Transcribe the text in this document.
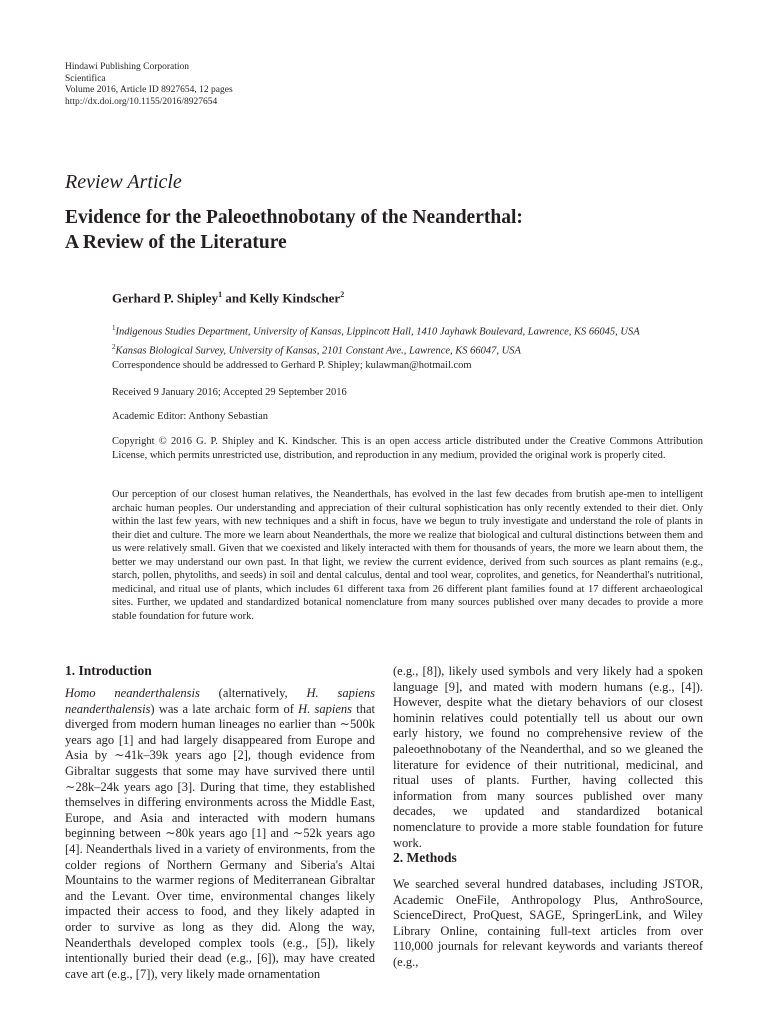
Hindawi Publishing Corporation
Scientifica
Volume 2016, Article ID 8927654, 12 pages
http://dx.doi.org/10.1155/2016/8927654
Review Article
Evidence for the Paleoethnobotany of the Neanderthal:
A Review of the Literature
Gerhard P. Shipley$^1$ and Kelly Kindscher$^2$
$^1$Indigenous Studies Department, University of Kansas, Lippincott Hall, 1410 Jayhawk Boulevard, Lawrence, KS 66045, USA
$^2$Kansas Biological Survey, University of Kansas, 2101 Constant Ave., Lawrence, KS 66047, USA
Correspondence should be addressed to Gerhard P. Shipley; kulawman@hotmail.com
Received 9 January 2016; Accepted 29 September 2016
Academic Editor: Anthony Sebastian
Copyright © 2016 G. P. Shipley and K. Kindscher. This is an open access article distributed under the Creative Commons Attribution License, which permits unrestricted use, distribution, and reproduction in any medium, provided the original work is properly cited.
Our perception of our closest human relatives, the Neanderthals, has evolved in the last few decades from brutish ape-men to intelligent archaic human peoples. Our understanding and appreciation of their cultural sophistication has only recently extended to their diet. Only within the last few years, with new techniques and a shift in focus, have we begun to truly investigate and understand the role of plants in their diet and culture. The more we learn about Neanderthals, the more we realize that biological and cultural distinctions between them and us were relatively small. Given that we coexisted and likely interacted with them for thousands of years, the more we learn about them, the better we may understand our own past. In that light, we review the current evidence, derived from such sources as plant remains (e.g., starch, pollen, phytoliths, and seeds) in soil and dental calculus, dental and tool wear, coprolites, and genetics, for Neanderthal's nutritional, medicinal, and ritual use of plants, which includes 61 different taxa from 26 different plant families found at 17 different archaeological sites. Further, we updated and standardized botanical nomenclature from many sources published over many decades to provide a more stable foundation for future work.
1. Introduction

Homo neanderthalensis (alternatively, H. sapiens neanderthalensis) was a late archaic form of H. sapiens that diverged from modern human lineages no earlier than ∼500k years ago [1] and had largely disappeared from Europe and Asia by ∼41k–39k years ago [2], though evidence from Gibraltar suggests that some may have survived there until ∼28k–24k years ago [3]. During that time, they established themselves in differing environments across the Middle East, Europe, and Asia and interacted with modern humans beginning between ∼80k years ago [1] and ∼52k years ago [4]. Neanderthals lived in a variety of environments, from the colder regions of Northern Germany and Siberia's Altai Mountains to the warmer regions of Mediterranean Gibraltar and the Levant. Over time, environmental changes likely impacted their access to food, and they likely adapted in order to survive as long as they did. Along the way, Neanderthals developed complex tools (e.g., [5]), likely intentionally buried their dead (e.g., [6]), may have created cave art (e.g., [7]), very likely made ornamentation

(e.g., [8]), likely used symbols and very likely had a spoken language [9], and mated with modern humans (e.g., [4]). However, despite what the dietary behaviors of our closest hominin relatives could potentially tell us about our own early history, we found no comprehensive review of the paleoethnobotany of the Neanderthal, and so we gleaned the literature for evidence of their nutritional, medicinal, and ritual uses of plants. Further, having collected this information from many sources published over many decades, we updated and standardized botanical nomenclature to provide a more stable foundation for future work.

2. Methods

We searched several hundred databases, including JSTOR, Academic OneFile, Anthropology Plus, AnthroSource, ScienceDirect, ProQuest, SAGE, SpringerLink, and Wiley Library Online, containing full-text articles from over 110,000 journals for relevant keywords and variants thereof (e.g.,
